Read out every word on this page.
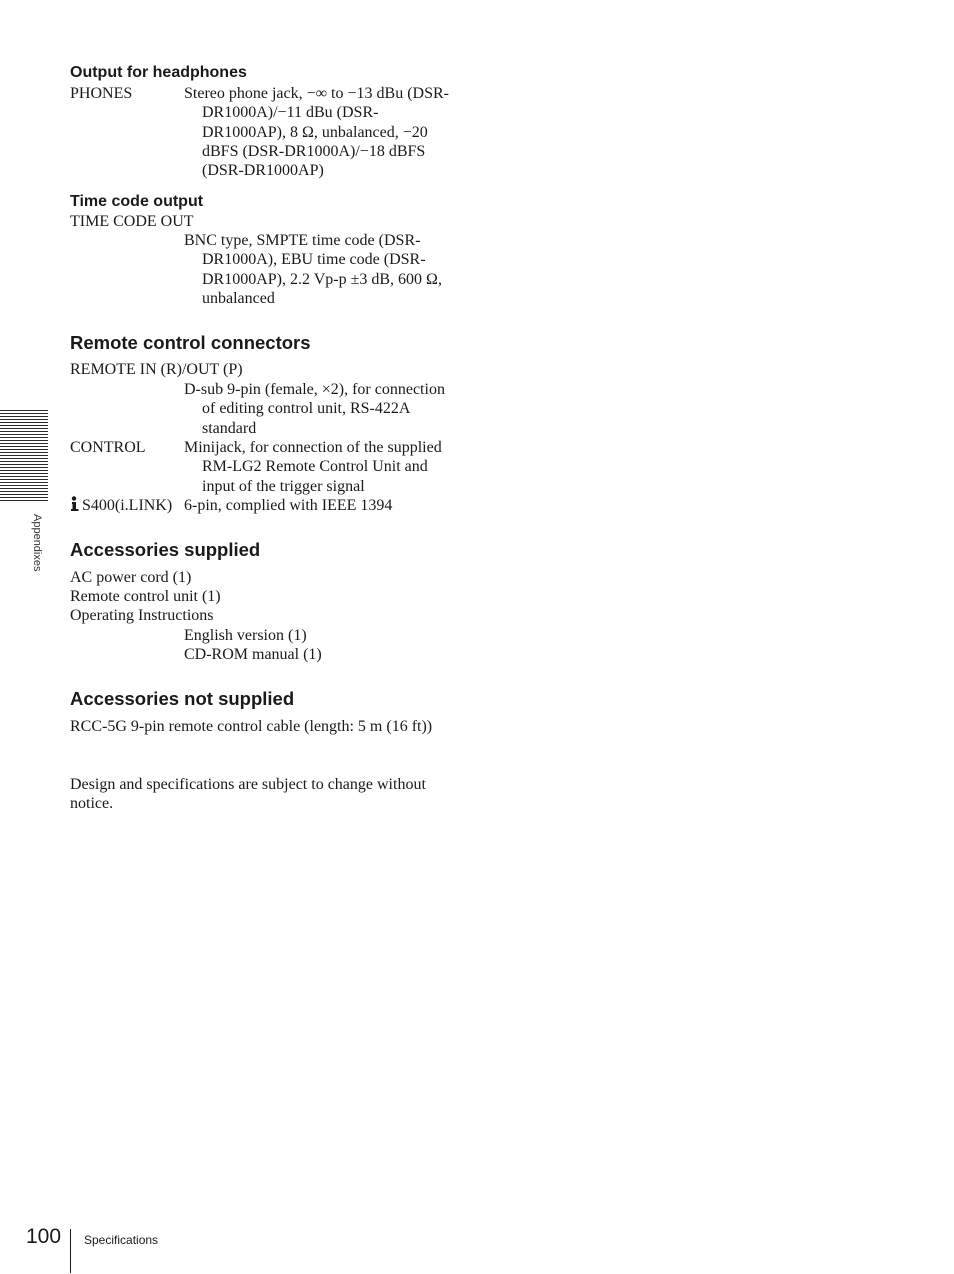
Appendixes
Output for headphones
PHONES	Stereo phone jack, −∞ to −13 dBu (DSR-
DR1000A)/−11 dBu (DSR-
DR1000AP), 8 Ω, unbalanced, −20
dBFS (DSR-DR1000A)/−18 dBFS
(DSR-DR1000AP)
Time code output
TIME CODE OUT
BNC type, SMPTE time code (DSR-
DR1000A), EBU time code (DSR-
DR1000AP), 2.2 Vp-p ±3 dB, 600 Ω,
unbalanced
Remote control connectors
REMOTE IN (R)/OUT (P)
D-sub 9-pin (female, ×2), for connection
of editing control unit, RS-422A
standard
CONTROL Minijack, for connection of the supplied
RM-LG2 Remote Control Unit and
input of the trigger signal
S400(i.LINK) 6-pin, complied with IEEE 1394
Accessories supplied
AC power cord (1)
Remote control unit (1)
Operating Instructions
English version (1)
CD-ROM manual (1)
Accessories not supplied
RCC-5G 9-pin remote control cable (length: 5 m (16 ft))
Design and specifications are subject to change without
notice.
100 Specifications
